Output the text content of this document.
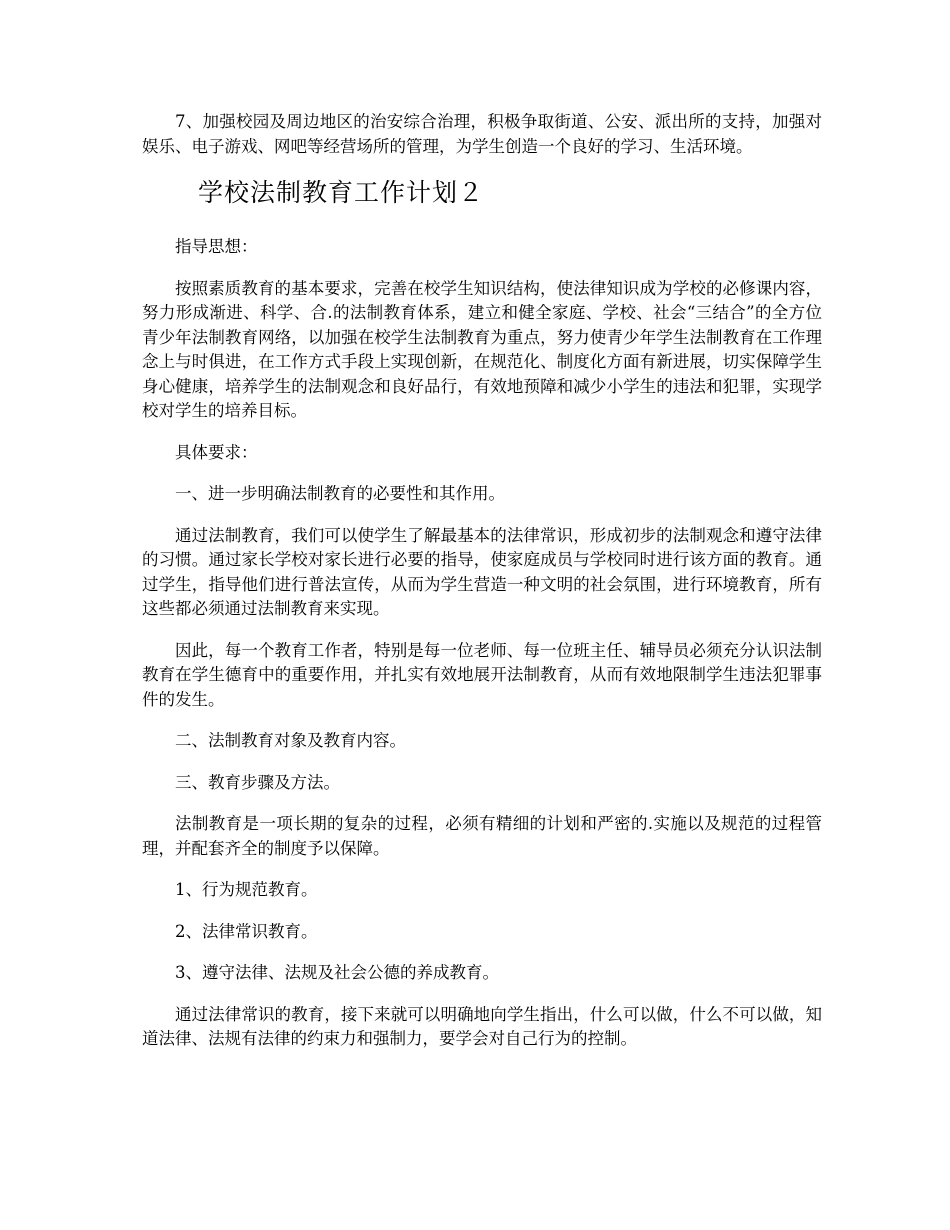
7、加强校园及周边地区的治安综合治理，积极争取街道、公安、派出所的支持，加强对娱乐、电子游戏、网吧等经营场所的管理，为学生创造一个良好的学习、生活环境。

学校法制教育工作计划２

指导思想：

按照素质教育的基本要求，完善在校学生知识结构，使法律知识成为学校的必修课内容，努力形成渐进、科学、合.的法制教育体系，建立和健全家庭、学校、社会“三结合”的全方位青少年法制教育网络，以加强在校学生法制教育为重点，努力使青少年学生法制教育在工作理念上与时俱进，在工作方式手段上实现创新，在规范化、制度化方面有新进展，切实保障学生身心健康，培养学生的法制观念和良好品行，有效地预障和减少小学生的违法和犯罪，实现学校对学生的培养目标。

具体要求：

一、进一步明确法制教育的必要性和其作用。

通过法制教育，我们可以使学生了解最基本的法律常识，形成初步的法制观念和遵守法律的习惯。通过家长学校对家长进行必要的指导，使家庭成员与学校同时进行该方面的教育。通过学生，指导他们进行普法宣传，从而为学生营造一种文明的社会氛围，进行环境教育，所有这些都必须通过法制教育来实现。

因此，每一个教育工作者，特别是每一位老师、每一位班主任、辅导员必须充分认识法制教育在学生德育中的重要作用，并扎实有效地展开法制教育，从而有效地限制学生违法犯罪事件的发生。

二、法制教育对象及教育内容。

三、教育步骤及方法。

法制教育是一项长期的复杂的过程，必须有精细的计划和严密的.实施以及规范的过程管理，并配套齐全的制度予以保障。

1、行为规范教育。

2、法律常识教育。

3、遵守法律、法规及社会公德的养成教育。

通过法律常识的教育，接下来就可以明确地向学生指出，什么可以做，什么不可以做，知道法律、法规有法律的约束力和强制力，要学会对自己行为的控制。
